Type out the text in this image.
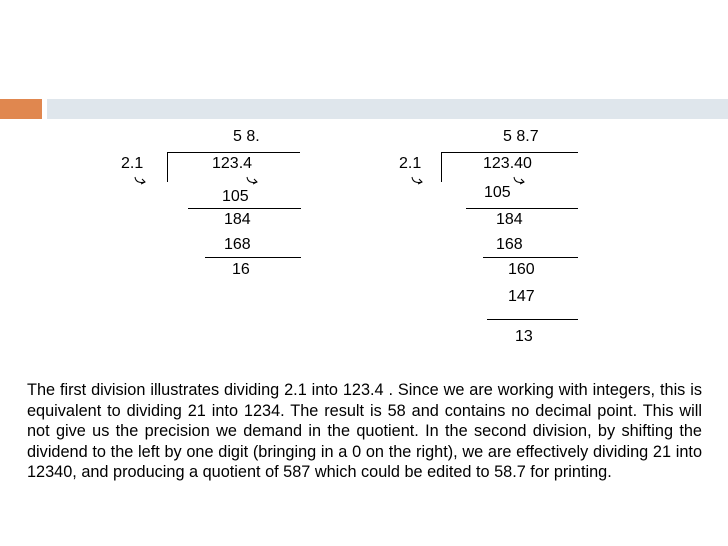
5 8.
2.1	123.4
105
184
168
16
5 8.7
2.1	123.40
105
184
168
160
147
13
The first division illustrates dividing 2.1 into 123.4 . Since we are working with integers, this is equivalent to dividing 21 into 1234. The result is 58 and contains no decimal point. This will not give us the precision we demand in the quotient. In the second division, by shifting the dividend to the left by one digit (bringing in a 0 on the right), we are effectively dividing 21 into 12340, and producing a quotient of 587 which could be edited to 58.7 for printing.
